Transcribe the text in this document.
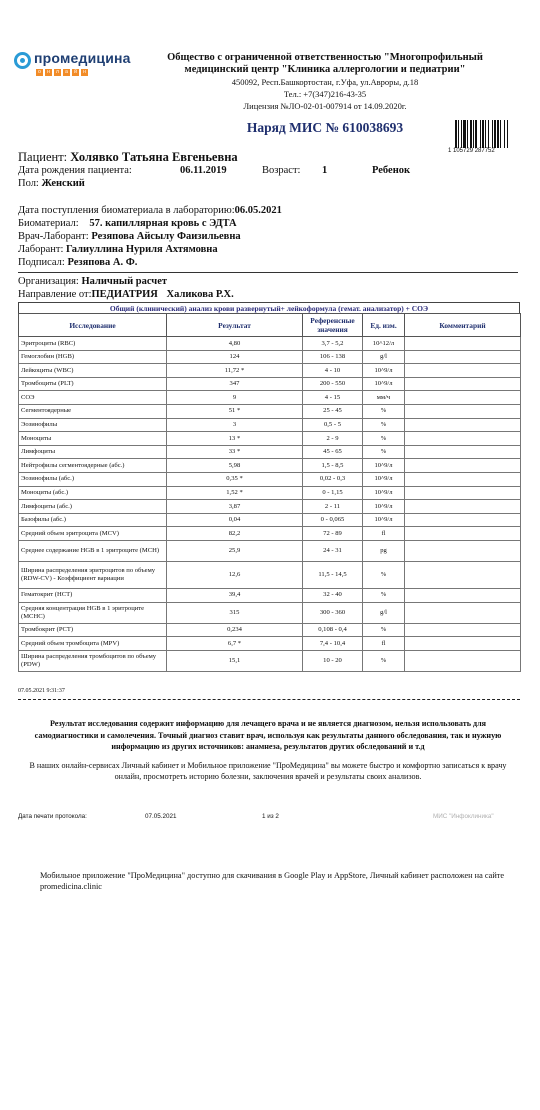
промедицина
о	н	л	а	й	н
Общество с ограниченной ответственностью "Многопрофильный
медицинский центр "Клиника аллергологии и педиатрии"
450092, Респ.Башкортостан, г.Уфа, ул.Авроры, д.18
Тел.: +7(347)216-43-35
Лицензия №ЛО-02-01-007914 от 14.09.2020г.
Наряд МИС № 610038693
1 105729 287752
Пациент: Холявко Татьяна Евгеньевна
Дата рождения пациента:	06.11.2019	Возраст: 1	Ребенок
Пол: Женский
Дата поступления биоматериала в лабораторию:06.05.2021
Биоматериал: 57. капиллярная кровь с ЭДТА
Врач-Лаборант: Резяпова Айсылу Фаизильевна
Лаборант: Галиуллина Нуриля Ахтямовна
Подписал: Резяпова А. Ф.
Организация: Наличный расчет
Направление от:ПЕДИАТРИЯ Халикова Р.Х.
Общий (клинический) анализ крови развернутый+ лейкоформула (гемат. анализатор) + СОЭ
Исследование	Результат	Референсные значения	Ед. изм.	Комментарий
Эритроциты (RBC)	4,80	3,7 - 5,2	10^12/л	
Гемоглобин (HGB)	124	106 - 138	g/l	
Лейкоциты (WBC)	11,72 *	4 - 10	10^9/л	
Тромбоциты (PLT)	347	200 - 550	10^9/л	
СОЭ	9	4 - 15	мм/ч	
Сегментоядерные	51 *	25 - 45	%	
Эозинофилы	3	0,5 - 5	%	
Моноциты	13 *	2 - 9	%	
Лимфоциты	33 *	45 - 65	%	
Нейтрофилы сегментоядерные (абс.)	5,98	1,5 - 8,5	10^9/л	
Эозинофилы (абс.)	0,35 *	0,02 - 0,3	10^9/л	
Моноциты (абс.)	1,52 *	0 - 1,15	10^9/л	
Лимфоциты (абс.)	3,87	2 - 11	10^9/л	
Базофилы (абс.)	0,04	0 - 0,065	10^9/л	
Средний объем эритроцита (MCV)	82,2	72 - 89	fl	
Среднее содержание HGB в 1 эритроците (MCH)	25,9	24 - 31	pg	
Ширина распределения эритроцитов по объему (RDW-CV) - Коэффициент вариации	12,6	11,5 - 14,5	%	
Гематокрит (HCT)	39,4	32 - 40	%	
Средняя концентрация HGB в 1 эритроците (MCHC)	315	300 - 360	g/l	
Тромбокрит (PCT)	0,234	0,108 - 0,4	%	
Средний объем тромбоцита (MPV)	6,7 *	7,4 - 10,4	fl	
Ширина распределения тромбоцитов по объему (PDW)	15,1	10 - 20	%	
07.05.2021 9:31:37
Результат исследования содержит информацию для лечащего врача и не является диагнозом, нельзя использовать для самодиагностики и самолечения. Точный диагноз ставит врач, используя как результаты данного обследования, так и нужную информацию из других источников: анамнеза, результатов других обследований и т.д
В наших онлайн-сервисах Личный кабинет и Мобильное приложение "ПроМедицина" вы можете быстро и комфортно записаться к врачу онлайн, просмотреть историю болезни, заключения врачей и результаты своих анализов.
Дата печати протокола:	07.05.2021	1 из 2	МИС "Инфоклиника"
Мобильное приложение "ПроМедицина" доступно для скачивания в Google Play и AppStore, Личный кабинет расположен на сайте promedicina.clinic
